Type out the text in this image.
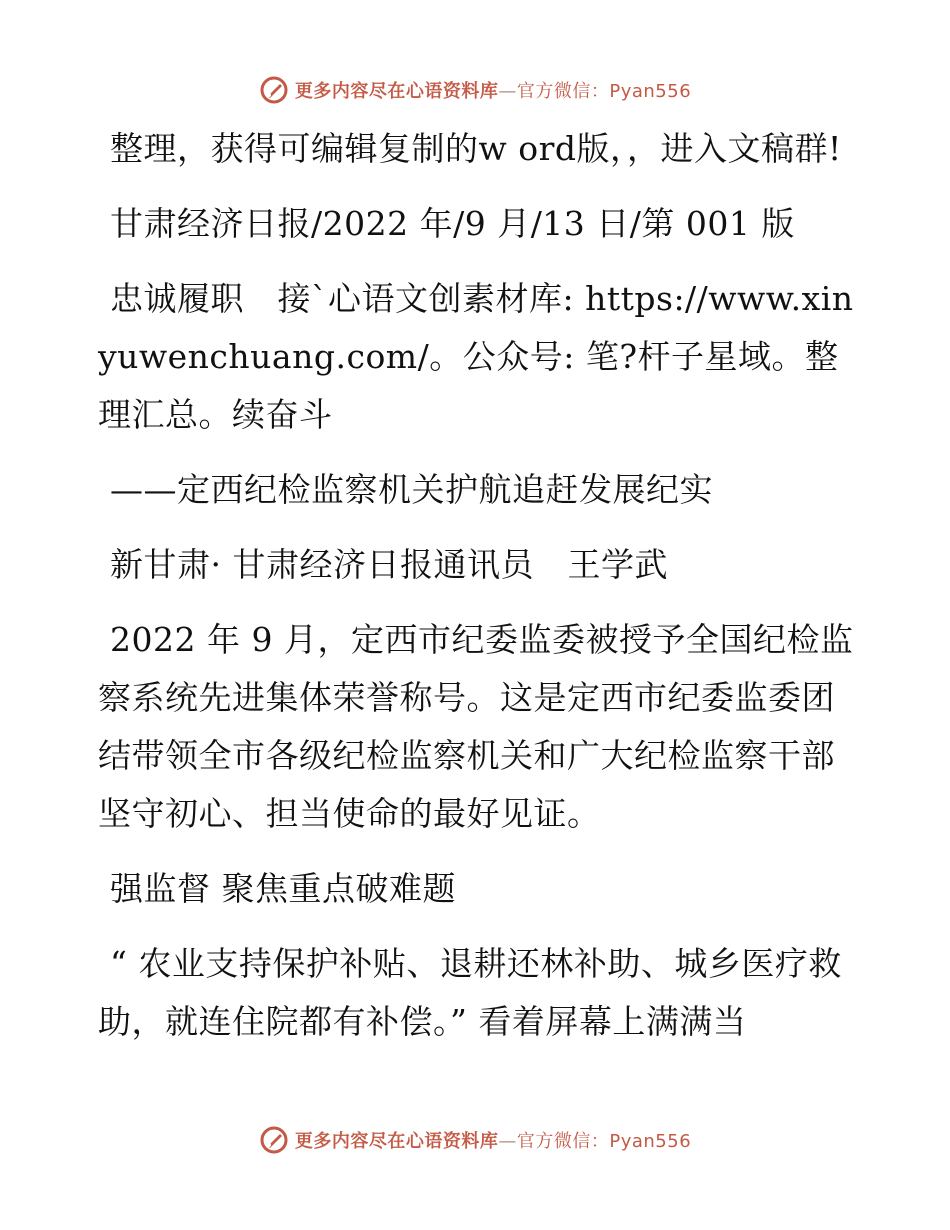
更多内容尽在心语资料库—官方微信：Pyan556

整理，获得可编辑复制的w ord版，，进入文稿群!

甘肃经济日报/2022 年/9 月/13 日/第 001 版

忠诚履职　接`心语文创素材库: https://www.xinyuwenchuang.com/。公众号: 笔?杆子星域。整理汇总。续奋斗

——定西纪检监察机关护航追赶发展纪实

新甘肃· 甘肃经济日报通讯员　王学武

2022 年 9 月，定西市纪委监委被授予全国纪检监察系统先进集体荣誉称号。这是定西市纪委监委团结带领全市各级纪检监察机关和广大纪检监察干部坚守初心、担当使命的最好见证。

强监督 聚焦重点破难题

“ 农业支持保护补贴、退耕还林补助、城乡医疗救助，就连住院都有补偿。” 看着屏幕上满满当

更多内容尽在心语资料库—官方微信：Pyan556
